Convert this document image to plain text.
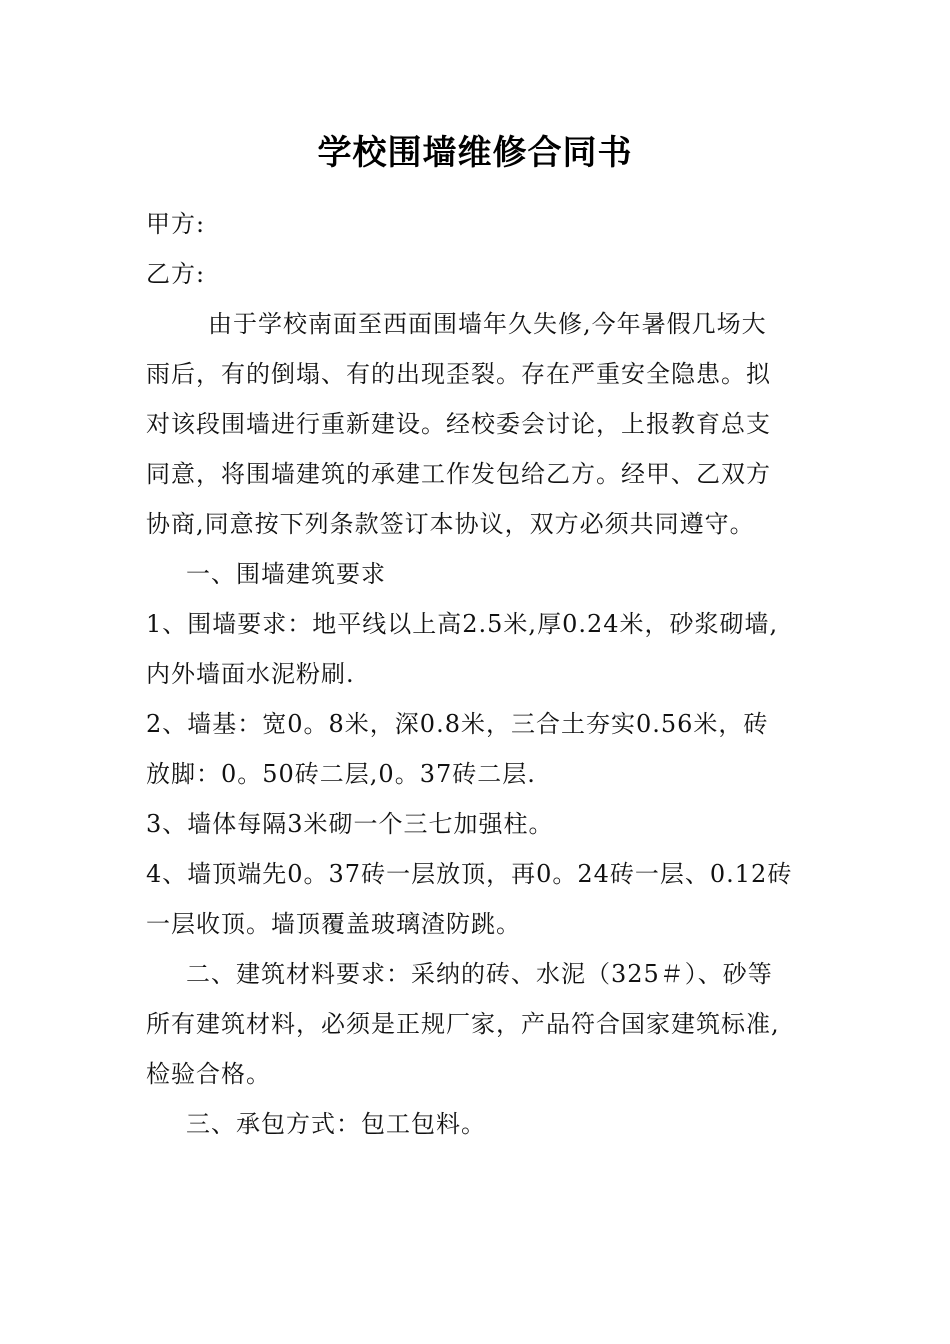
学校围墙维修合同书
甲方:
乙方:
由于学校南面至西面围墙年久失修,今年暑假几场大
雨后，有的倒塌、有的出现歪裂。存在严重安全隐患。拟
对该段围墙进行重新建设。经校委会讨论，上报教育总支
同意，将围墙建筑的承建工作发包给乙方。经甲、乙双方
协商,同意按下列条款签订本协议，双方必须共同遵守。
一、围墙建筑要求
1、围墙要求：地平线以上高2.5米,厚0.24米，砂浆砌墙,
内外墙面水泥粉刷.
2、墙基：宽0。8米，深0.8米，三合土夯实0.56米，砖
放脚：0。50砖二层,0。37砖二层.
3、墙体每隔3米砌一个三七加强柱。
4、墙顶端先0。37砖一层放顶，再0。24砖一层、0.12砖
一层收顶。墙顶覆盖玻璃渣防跳。
二、建筑材料要求：采纳的砖、水泥（325＃）、砂等
所有建筑材料，必须是正规厂家，产品符合国家建筑标准,
检验合格。
三、承包方式：包工包料。
